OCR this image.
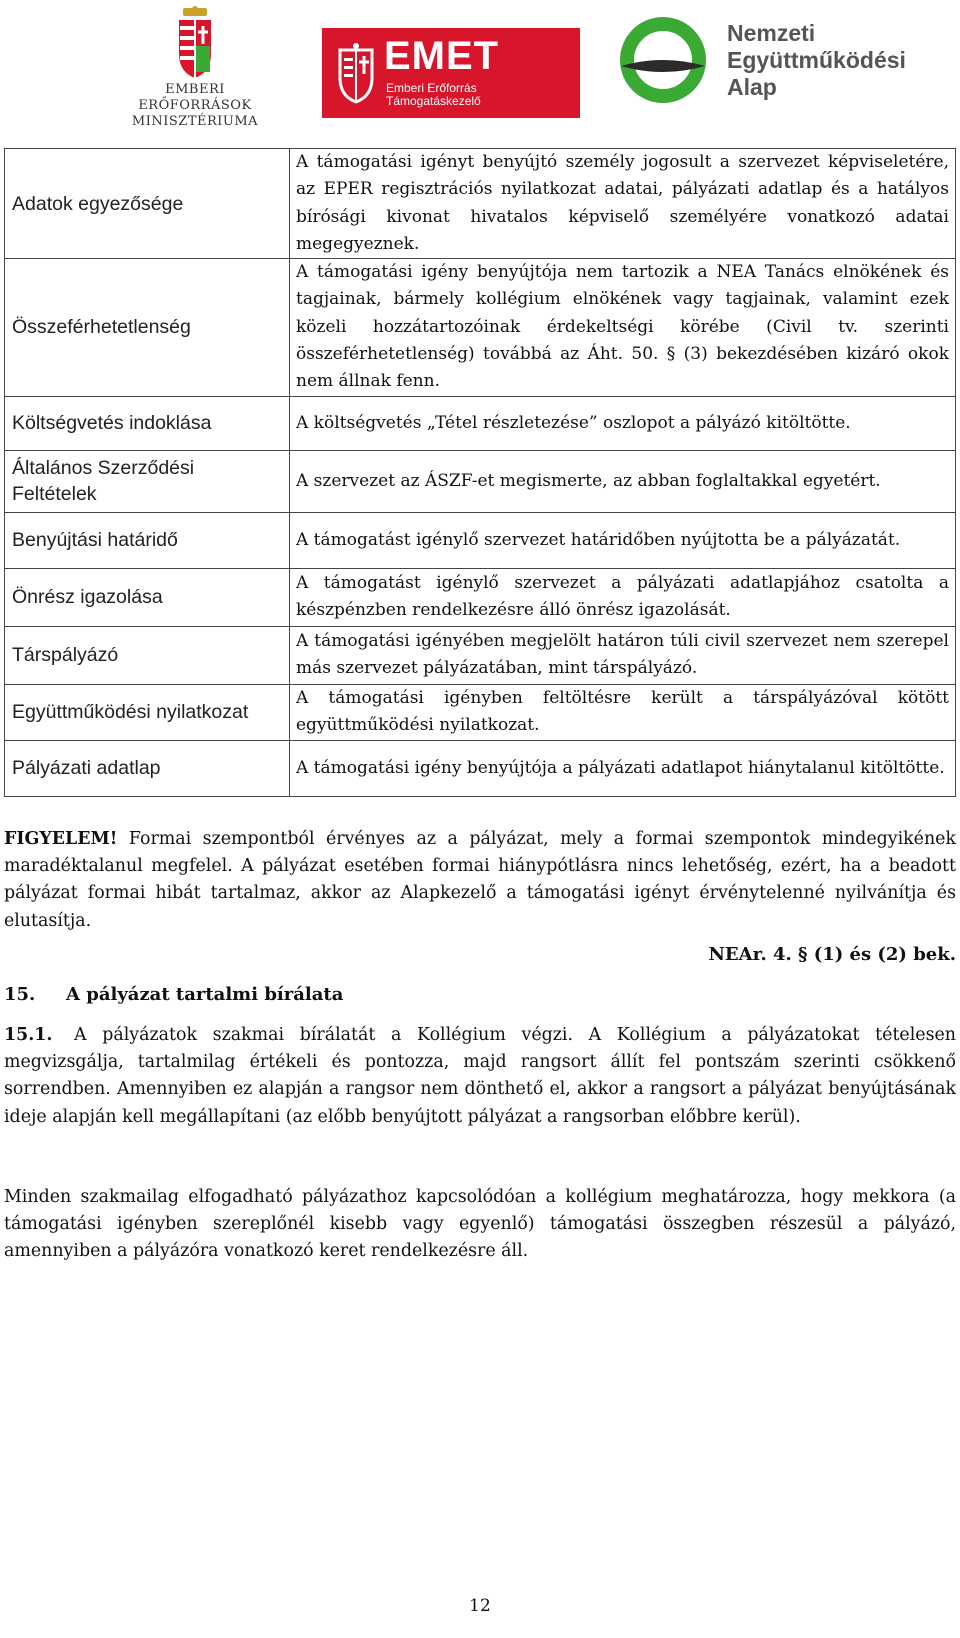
EMBERI ERŐFORRÁSOK MINISZTÉRIUMA
EMET
Emberi Erőforrás
Támogatáskezelő
Nemzeti
Együttműködési
Alap
Adatok egyezősége	A támogatási igényt benyújtó személy jogosult a szervezet képviseletére, az EPER regisztrációs nyilatkozat adatai, pályázati adatlap és a hatályos bírósági kivonat hivatalos képviselő személyére vonatkozó adatai megegyeznek.
Összeférhetetlenség	A támogatási igény benyújtója nem tartozik a NEA Tanács elnökének és tagjainak, bármely kollégium elnökének vagy tagjainak, valamint ezek közeli hozzátartozóinak érdekeltségi körébe (Civil tv. szerinti összeférhetetlenség) továbbá az Áht. 50. § (3) bekezdésében kizáró okok nem állnak fenn.
Költségvetés indoklása	A költségvetés „Tétel részletezése” oszlopot a pályázó kitöltötte.
Általános Szerződési Feltételek	A szervezet az ÁSZF-et megismerte, az abban foglaltakkal egyetért.
Benyújtási határidő	A támogatást igénylő szervezet határidőben nyújtotta be a pályázatát.
Önrész igazolása	A támogatást igénylő szervezet a pályázati adatlapjához csatolta a készpénzben rendelkezésre álló önrész igazolását.
Társpályázó	A támogatási igényében megjelölt határon túli civil szervezet nem szerepel más szervezet pályázatában, mint társpályázó.
Együttműködési nyilatkozat	A támogatási igényben feltöltésre került a társpályázóval kötött együttműködési nyilatkozat.
Pályázati adatlap	A támogatási igény benyújtója a pályázati adatlapot hiánytalanul kitöltötte.
FIGYELEM! Formai szempontból érvényes az a pályázat, mely a formai szempontok mindegyikének maradéktalanul megfelel. A pályázat esetében formai hiánypótlásra nincs lehetőség, ezért, ha a beadott pályázat formai hibát tartalmaz, akkor az Alapkezelő a támogatási igényt érvénytelenné nyilvánítja és elutasítja.
NEAr. 4. § (1) és (2) bek.
15. A pályázat tartalmi bírálata
15.1. A pályázatok szakmai bírálatát a Kollégium végzi. A Kollégium a pályázatokat tételesen megvizsgálja, tartalmilag értékeli és pontozza, majd rangsort állít fel pontszám szerinti csökkenő sorrendben. Amennyiben ez alapján a rangsor nem dönthető el, akkor a rangsort a pályázat benyújtásának ideje alapján kell megállapítani (az előbb benyújtott pályázat a rangsorban előbbre kerül).
Minden szakmailag elfogadható pályázathoz kapcsolódóan a kollégium meghatározza, hogy mekkora (a támogatási igényben szereplőnél kisebb vagy egyenlő) támogatási összegben részesül a pályázó, amennyiben a pályázóra vonatkozó keret rendelkezésre áll.
12
